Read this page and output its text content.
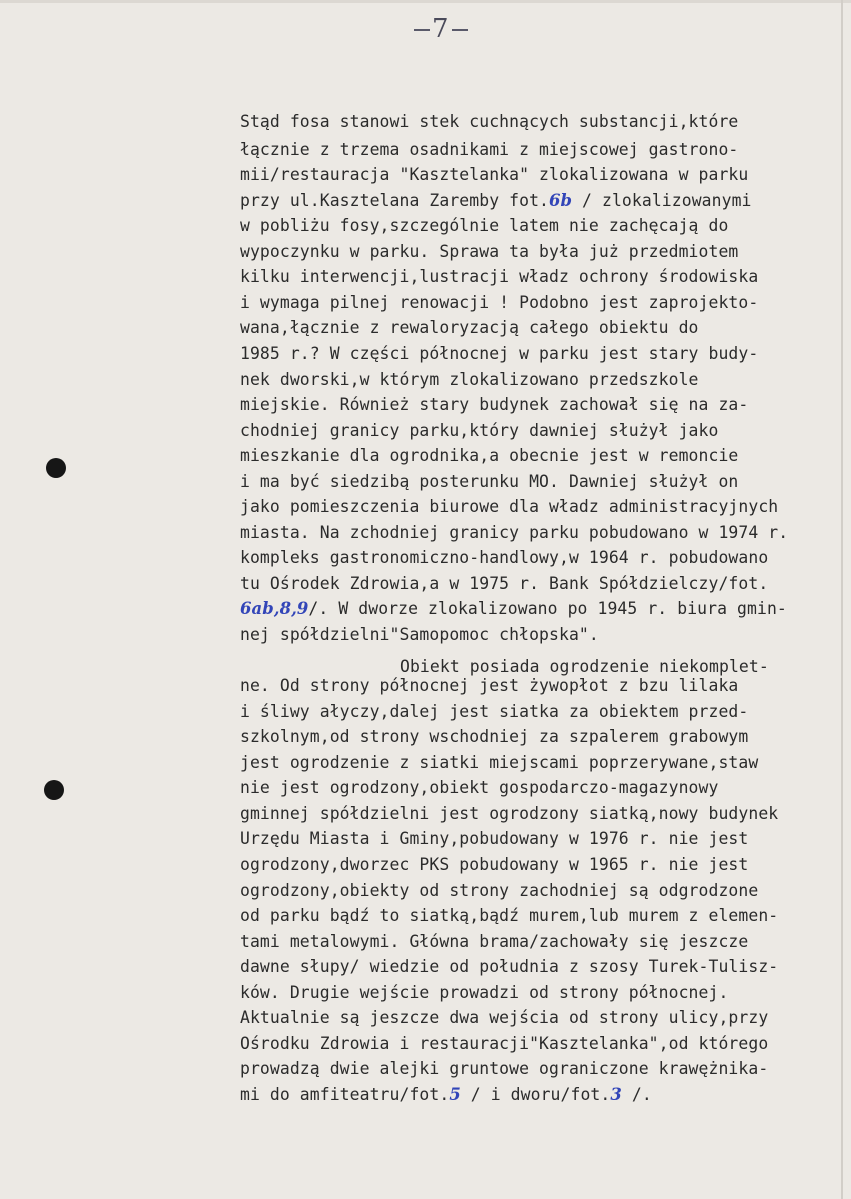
7
Stąd fosa stanowi stek cuchnących substancji,które
łącznie z trzema osadnikami z miejscowej gastrono-
mii/restauracja "Kasztelanka" zlokalizowana w parku
przy ul.Kasztelana Zaremby fot.6b / zlokalizowanymi
w pobliżu fosy,szczególnie latem nie zachęcają do
wypoczynku w parku. Sprawa ta była już przedmiotem
kilku interwencji,lustracji władz ochrony środowiska
i wymaga pilnej renowacji ! Podobno jest zaprojekto-
wana,łącznie z rewaloryzacją całego obiektu do
1985 r.? W części północnej w parku jest stary budy-
nek dworski,w którym zlokalizowano przedszkole
miejskie. Również stary budynek zachował się na za-
chodniej granicy parku,który dawniej służył jako
mieszkanie dla ogrodnika,a obecnie jest w remoncie
i ma być siedzibą posterunku MO. Dawniej służył on
jako pomieszczenia biurowe dla władz administracyjnych
miasta. Na zchodniej granicy parku pobudowano w 1974 r.
kompleks gastronomiczno-handlowy,w 1964 r. pobudowano
tu Ośrodek Zdrowia,a w 1975 r. Bank Spółdzielczy/fot.
6ab,8,9/. W dworze zlokalizowano po 1945 r. biura gmin-
nej spółdzielni"Samopomoc chłopska".
Obiekt posiada ogrodzenie niekomplet-
ne. Od strony północnej jest żywopłot z bzu lilaka
i śliwy ałyczy,dalej jest siatka za obiektem przed-
szkolnym,od strony wschodniej za szpalerem grabowym
jest ogrodzenie z siatki miejscami poprzerywane,staw
nie jest ogrodzony,obiekt gospodarczo-magazynowy
gminnej spółdzielni jest ogrodzony siatką,nowy budynek
Urzędu Miasta i Gminy,pobudowany w 1976 r. nie jest
ogrodzony,dworzec PKS pobudowany w 1965 r. nie jest
ogrodzony,obiekty od strony zachodniej są odgrodzone
od parku bądź to siatką,bądź murem,lub murem z elemen-
tami metalowymi. Główna brama/zachowały się jeszcze
dawne słupy/ wiedzie od południa z szosy Turek-Tulisz-
ków. Drugie wejście prowadzi od strony północnej.
Aktualnie są jeszcze dwa wejścia od strony ulicy,przy
Ośrodku Zdrowia i restauracji"Kasztelanka",od którego
prowadzą dwie alejki gruntowe ograniczone krawężnika-
mi do amfiteatru/fot.5 / i dworu/fot.3 /.
